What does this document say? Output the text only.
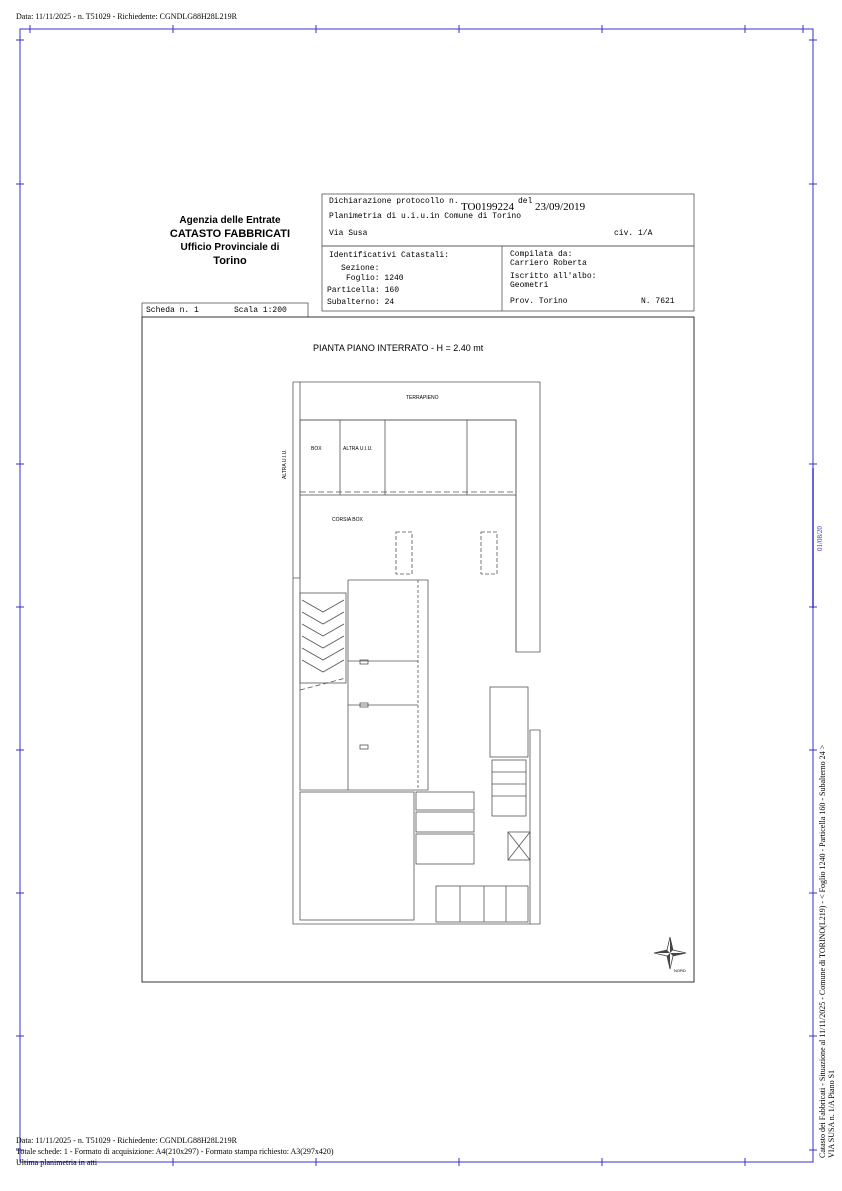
Data: 11/11/2025 - n. T51029 - Richiedente: CGNDLG88H28L219R
Agenzia delle Entrate
CATASTO FABBRICATI
Ufficio Provinciale di
Torino
Dichiarazione protocollo n. TO0199224 del 23/09/2019
Planimetria di u.i.u.in Comune di Torino
Via Susa	civ. 1/A
Identificativi Catastali:
Sezione:
Foglio: 1240
Particella: 160
Subalterno: 24
Compilata da:
Carriero Roberta
Iscritto all'albo:
Geometri
Prov. Torino	N. 7621
Scheda n. 1	Scala 1:200
PIANTA PIANO INTERRATO - H = 2.40 mt
TERRAPIENO
BOX	ALTRA U.I.U.
ALTRA U.I.U.
CORSIA BOX
NORD
01/08/20
Catasto dei Fabbricati - Situazione al 11/11/2025 - Comune di TORINO(L219) - < Foglio 1240 - Particella 160 - Subalterno 24 > VIA SUSA n. 1/A Piano S1
Data: 11/11/2025 - n. T51029 - Richiedente: CGNDLG88H28L219R
Totale schede: 1 - Formato di acquisizione: A4(210x297) - Formato stampa richiesto: A3(297x420)
Ultima planimetria in atti
